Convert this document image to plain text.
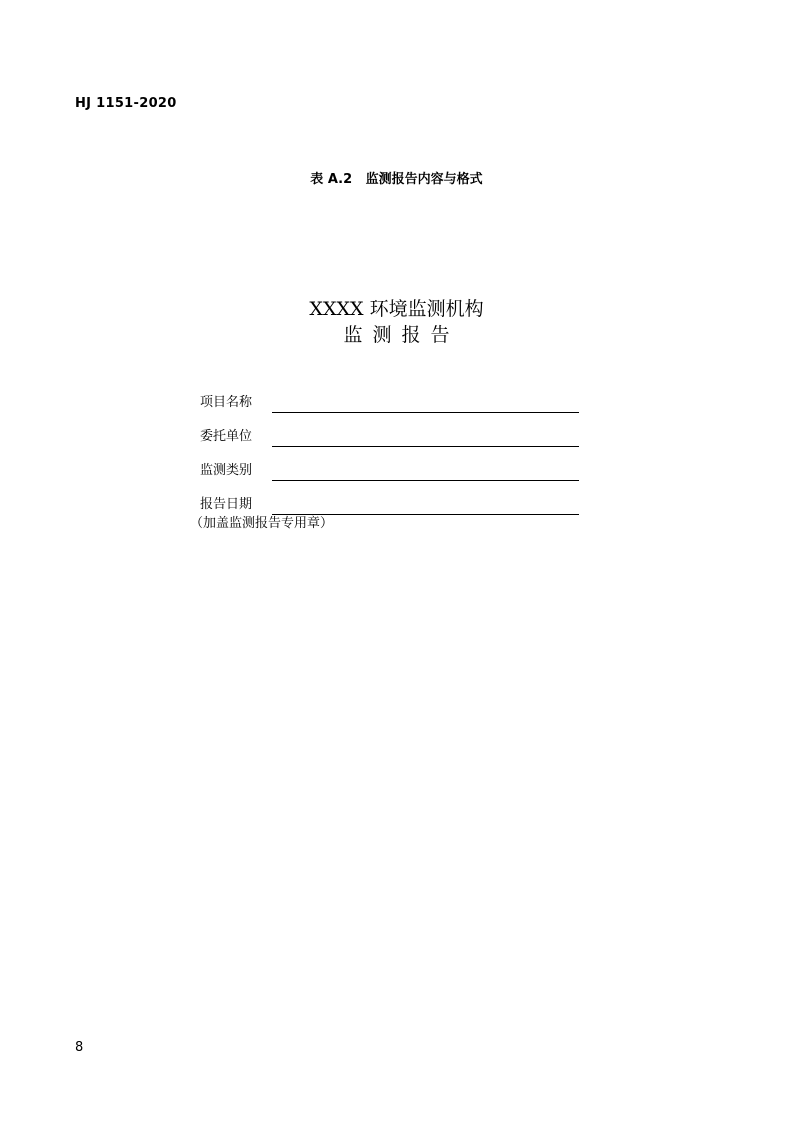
HJ 1151-2020
表 A.2   监测报告内容与格式
XXXX 环境监测机构
监测报告
项目名称
委托单位
监测类别
报告日期
（加盖监测报告专用章）
8
